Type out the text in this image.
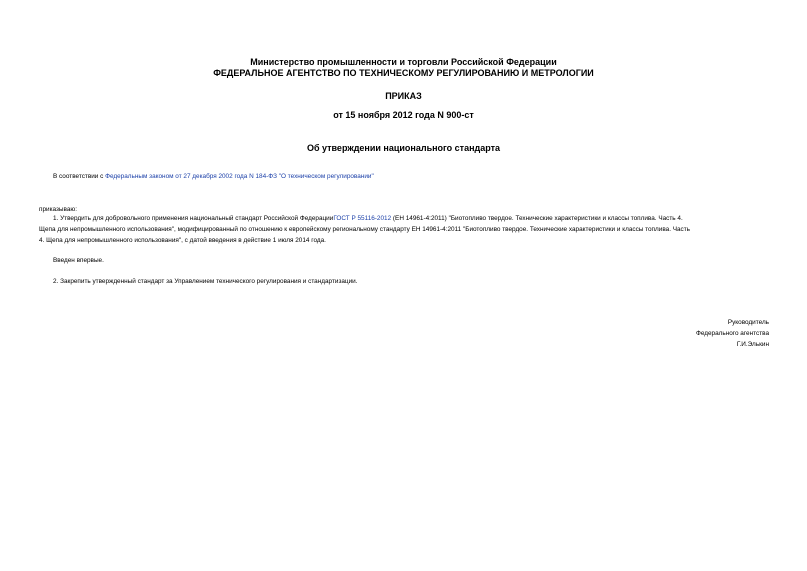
Министерство промышленности и торговли Российской Федерации
ФЕДЕРАЛЬНОЕ АГЕНТСТВО ПО ТЕХНИЧЕСКОМУ РЕГУЛИРОВАНИЮ И МЕТРОЛОГИИ
ПРИКАЗ
от 15 ноября 2012 года N 900-ст
Об утверждении национального стандарта
В соответствии с Федеральным законом от 27 декабря 2002 года N 184-ФЗ "О техническом регулировании"
приказываю:
1. Утвердить для добровольного применения национальный стандарт Российской ФедерацииГОСТ Р 55116-2012 (ЕН 14961-4:2011) "Биотопливо твердое. Технические характеристики и классы топлива. Часть 4.
Щепа для непромышленного использования", модифицированный по отношению к европейскому региональному стандарту ЕН 14961-4:2011 "Биотопливо твердое. Технические характеристики и классы топлива. Часть
4. Щепа для непромышленного использования", с датой введения в действие 1 июля 2014 года.
Введен впервые.
2. Закрепить утвержденный стандарт за Управлением технического регулирования и стандартизации.
Руководитель
Федерального агентства
Г.И.Элькин
